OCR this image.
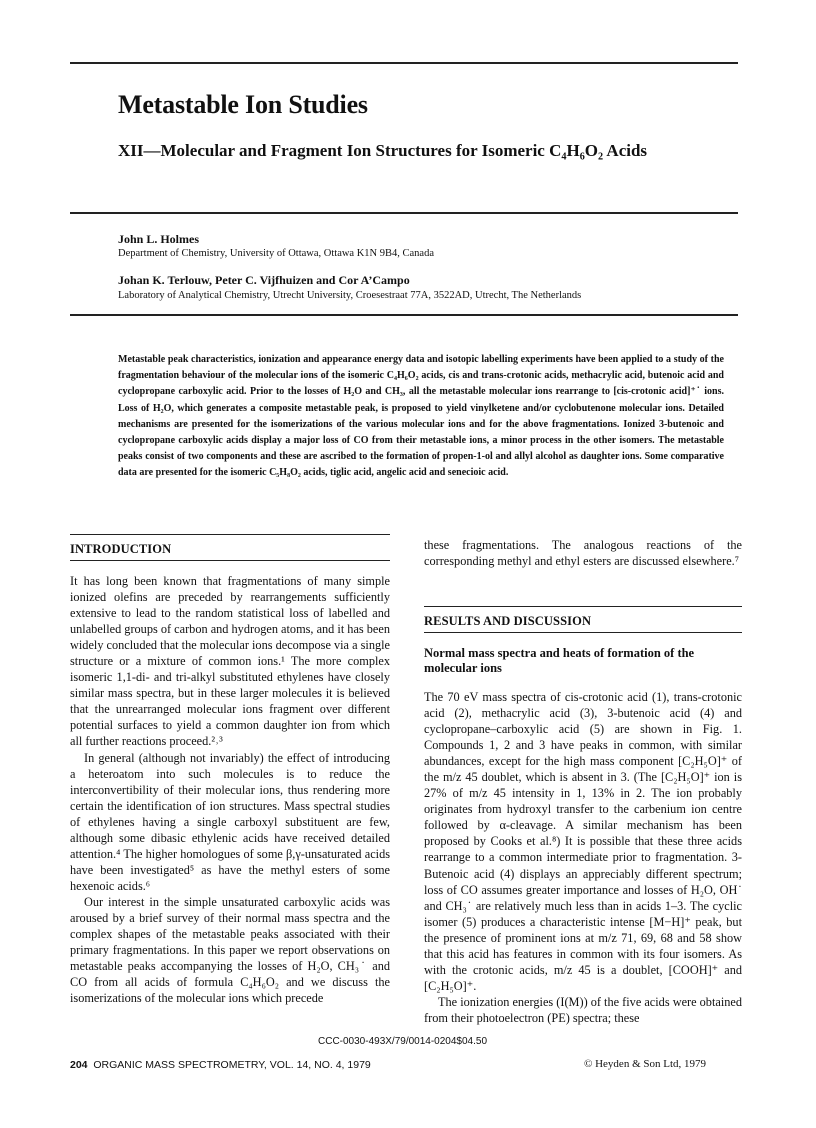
Metastable Ion Studies
XII—Molecular and Fragment Ion Structures for Isomeric C₄H₆O₂ Acids
John L. Holmes
Department of Chemistry, University of Ottawa, Ottawa K1N 9B4, Canada
Johan K. Terlouw, Peter C. Vijfhuizen and Cor A’Campo
Laboratory of Analytical Chemistry, Utrecht University, Croesestraat 77A, 3522AD, Utrecht, The Netherlands
Metastable peak characteristics, ionization and appearance energy data and isotopic labelling experiments have been applied to a study of the fragmentation behaviour of the molecular ions of the isomeric C₄H₆O₂ acids, cis and trans-crotonic acids, methacrylic acid, butenoic acid and cyclopropane carboxylic acid. Prior to the losses of H₂O and CH₃, all the metastable molecular ions rearrange to [cis-crotonic acid]⁺˙ ions. Loss of H₂O, which generates a composite metastable peak, is proposed to yield vinylketene and/or cyclobutenone molecular ions. Detailed mechanisms are presented for the isomerizations of the various molecular ions and for the above fragmentations. Ionized 3-butenoic and cyclopropane carboxylic acids display a major loss of CO from their metastable ions, a minor process in the other isomers. The metastable peaks consist of two components and these are ascribed to the formation of propen-1-ol and allyl alcohol as daughter ions. Some comparative data are presented for the isomeric C₅H₈O₂ acids, tiglic acid, angelic acid and senecioic acid.
INTRODUCTION

It has long been known that fragmentations of many simple ionized olefins are preceded by rearrangements sufficiently extensive to lead to the random statistical loss of labelled and unlabelled groups of carbon and hydrogen atoms, and it has been widely concluded that the molecular ions decompose via a single structure or a mixture of common ions.¹ The more complex isomeric 1,1-di- and tri-alkyl substituted ethylenes have closely similar mass spectra, but in these larger molecules it is believed that the unrearranged molecular ions fragment over different potential surfaces to yield a common daughter ion from which all further reactions proceed.²˒³

In general (although not invariably) the effect of introducing a heteroatom into such molecules is to reduce the interconvertibility of their molecular ions, thus rendering more certain the identification of ion structures. Mass spectral studies of ethylenes having a single carboxyl substituent are few, although some dibasic ethylenic acids have received detailed attention.⁴ The higher homologues of some β,γ-unsaturated acids have been investigated⁵ as have the methyl esters of some hexenoic acids.⁶

Our interest in the simple unsaturated carboxylic acids was aroused by a brief survey of their normal mass spectra and the complex shapes of the metastable peaks associated with their primary fragmentations. In this paper we report observations on metastable peaks accompanying the losses of H₂O, CH₃˙ and CO from all acids of formula C₄H₆O₂ and we discuss the isomerizations of the molecular ions which precede

these fragmentations. The analogous reactions of the corresponding methyl and ethyl esters are discussed elsewhere.⁷

RESULTS AND DISCUSSION
Normal mass spectra and heats of formation of the molecular ions

The 70 eV mass spectra of cis-crotonic acid (1), trans-crotonic acid (2), methacrylic acid (3), 3-butenoic acid (4) and cyclopropane–carboxylic acid (5) are shown in Fig. 1. Compounds 1, 2 and 3 have peaks in common, with similar abundances, except for the high mass component [C₂H₅O]⁺ of the m/z 45 doublet, which is absent in 3. (The [C₂H₅O]⁺ ion is 27% of m/z 45 intensity in 1, 13% in 2. The ion probably originates from hydroxyl transfer to the carbenium ion centre followed by α-cleavage. A similar mechanism has been proposed by Cooks et al.⁸) It is possible that these three acids rearrange to a common intermediate prior to fragmentation. 3-Butenoic acid (4) displays an appreciably different spectrum; loss of CO assumes greater importance and losses of H₂O, OH˙ and CH₃˙ are relatively much less than in acids 1–3. The cyclic isomer (5) produces a characteristic intense [M−H]⁺ peak, but the presence of prominent ions at m/z 71, 69, 68 and 58 show that this acid has features in common with its four isomers. As with the crotonic acids, m/z 45 is a doublet, [COOH]⁺ and [C₂H₅O]⁺.

The ionization energies (I(M)) of the five acids were obtained from their photoelectron (PE) spectra; these

CCC-0030-493X/79/0014-0204$04.50
204 ORGANIC MASS SPECTROMETRY, VOL. 14, NO. 4, 1979	© Heyden & Son Ltd, 1979
